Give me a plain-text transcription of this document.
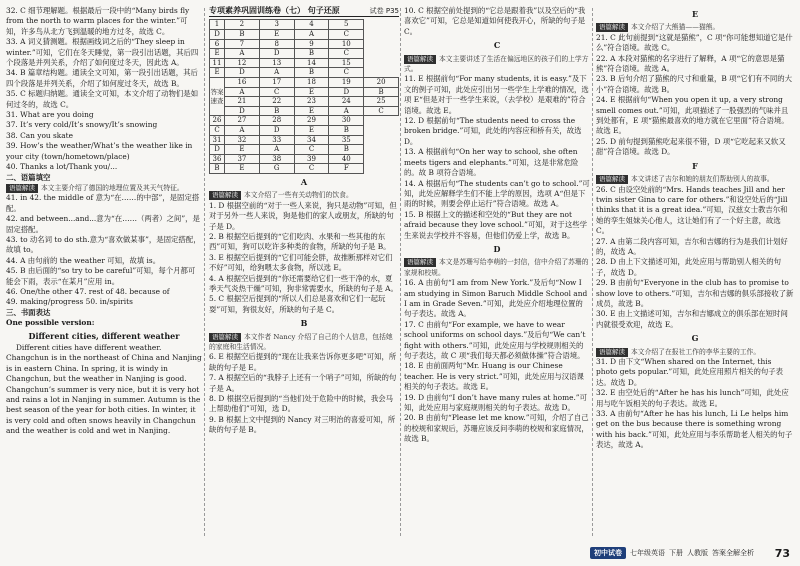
32. C 细节理解题。根据最后一段中的“Many birds fly from the north to warm places for the winter.”可知，许多鸟从北方飞到温暖的地方过冬，故选 C。

33. A 词义猜测题。根据画线词之后的“They sleep in winter.”可知，它们在冬天睡觉，第一段引出话题，其后四个段落是并列关系，介绍了如何度过冬天，因此选 A。

34. B 篇章结构题。通读全文可知，第一段引出话题，其后四个段落是并列关系，介绍了如何度过冬天，故选 B。

35. C 标题归纳题。通读全文可知，本文介绍了动物们是如何过冬的，故选 C。

31. What are you doing

37. It’s very cold/It’s snowy/It’s snowing

38. Can you skate

39. How’s the weather/What’s the weather like in your city (town/hometown/place)

40. Thanks a lot/Thank you/...

二、语篇填空

语篇解读 本文主要介绍了德国的地理位置及其天气特征。

41. in 42. the middle of 意为“在……的中部”，是固定搭配。

42. and between...and...意为“在……（两者）之间”，是固定搭配。

43. to 动名词 to do sth.意为“喜欢做某事”，是固定搭配，故填 to。

44. A 由句前的 the weather 可知，故填 is。

45. B 由后面的“so try to be careful”可知，每个月都可能会下雨，表示“在某月”应用 in。

46. One/the other 47. rest of 48. because of

49. making/progress 50. in/spirits

三、书面表达

One possible version:

Different cities, different weather

Different cities have different weather. Changchun is in the northeast of China and Nanjing is in eastern China. In spring, it is windy in Changchun, but the weather in Nanjing is good. Changchun’s summer is very nice, but it is very hot and rains a lot in Nanjing in summer. Autumn is the best season of the year for both cities. In winter, it is very cold and often snows heavily in Changchun and the weather is cold and wet in Nanjing.

专项素养巩固训练卷（七） 句子还原	试卷 P35
1	2	3	4	5	
D	B	E	A	C	
6	7	8	9	10	
E	A	D	B	C	
11	12	13	14	15	
E	D	A	B	C	
答案速查	16	17	18	19	20
	A	C	E	D	B
	21	22	23	24	25
	D	B	E	A	C
26	27	28	29	30	
C	A	D	E	B	
31	32	33	34	35	
D	E	A	C	B	
36	37	38	39	40	
B	E	G	C	F	

A

语篇解读 本文介绍了一些有关动物们的饮食。

1. D 根据空前的“对于一些人来说，狗只是动物”可知，但对于另外一些人来说，狗是他们的家人或朋友，所缺的句子是 D。

2. B 根据空后提到的“它们吃肉、水果和一些其他的东西”可知，狗可以吃许多种类的食物，所缺的句子是 B。

3. E 根据空后提到的“它们可能会胖，故推断那样对它们不好”可知，给狗喂太多食物，所以选 E。

4. A 根据空后提到的“你还需要给它们一些干净的水，夏季天气炎热干燥”可知，狗非常需要水，所缺的句子是 A。

5. C 根据空后提到的“所以人们总是喜欢和它们一起玩耍”可知，狗很友好，所缺的句子是 C。

B

语篇解读 本文作者 Nancy 介绍了自己的个人信息，包括她的家庭和生活情况。

6. E 根据空后提到的“现在让我来告诉你更多吧”可知，所缺的句子是 E。

7. A 根据空后的“我脖子上还有一个哨子”可知，所缺的句子是 A。

8. D 根据空后提到的“当他们处于危险中的时候，我会马上帮助他们”可知，选 D。

9. B 根据上文中提到的 Nancy 对三明治的喜爱可知，所缺的句子是 B。

10. C 根据空前处提到的“它总是跟着我”以及空后的“我喜欢它”可知，它总是知道如何使我开心，所缺的句子是 C。

C

语篇解读 本文主要讲述了生活在偏远地区的孩子们的上学方式。

11. E 根据前句“For many students, it is easy.”及下文的例子可知，此处应引出另一些学生上学难的情况，选项 E“但是对于一些学生来说，（去学校）是艰难的”符合语境。故选 E。

12. D 根据前句“The students need to cross the broken bridge.”可知，此处的内容应和桥有关，故选 D。

13. A 根据前句“On her way to school, she often meets tigers and elephants.”可知，这是非常危险的。故 B 项符合语境。

14. A 根据后句“The students can’t go to school.”可知，此处应解释学生们不能上学的原因，选项 A“但是下雨的时候，则要会停止运行”符合语境。故选 A。

15. B 根据上文的描述和空处的“But they are not afraid because they love school.”可知，对于这些学生来说去学校并不容易，但他们仍爱上学，故选 B。

D

语篇解读 本文是苏珊写给李萌的一封信，信中介绍了苏珊的家规和校规。

16. A 由前句“I am from New York.”及后句“Now I am studying in Simon Baruch Middle School and I am in Grade Seven.”可知，此处应介绍地理位置的句子表达。故选 A。

17. C 由前句“For example, we have to wear school uniforms on school days.”及后句“We can’t fight with others.”可知，此处应用与学校规则相关的句子表达，故 C 项“我们每天都必须做体操”符合语境。

18. E 由前面两句“Mr. Huang is our Chinese teacher. He is very strict.”可知，此处应用与汉语课相关的句子表达。故选 E。

19. D 由前句“I don’t have many rules at home.”可知，此处应用与家庭规则相关的句子表达。故选 D。

20. B 由前句“Please let me know.”可知，介绍了自己的校规和家规后，苏珊应该反问李萌的校规和家庭情况，故选 B。

E

语篇解读 本文介绍了大熊猫——猫熊。

21. C 此句前提到“这就是猫熊”，C 项“你可能想知道它是什么”符合语境。故选 C。

22. A 本段对猫熊的名字进行了解释，A 项“它的意思是猫熊”符合语境。故选 A。

23. B 后句介绍了猫熊的尺寸和重量，B 项“它们有不同的大小”符合语境。故选 B。

24. E 根据前句“When you open it up, a very strong smell comes out.”可知，此项描述了一股强烈的气味并且到处都有，E 项“猫熊最喜欢的地方就在它里面”符合语境。故选 E。

25. D 前句提到猫熊吃起来很不错，D 项“它吃起来又软又甜”符合语境。故选 D。

F

语篇解读 本文讲述了吉尔和她的朋友们帮助别人的故事。

26. C 由设空处前的“Mrs. Hands teaches Jill and her twin sister Gina to care for others.”和设空处后的“Jill thinks that it is a great idea.”可知，汉兹女士教吉尔和她的孪生姐妹关心他人，这让她们有了一个好主意，故选 C。

27. A 由第二段内容可知，吉尔和吉娜的行为是我们计划好的，故选 A。

28. D 由上下文描述可知，此处应用与帮助别人相关的句子，故选 D。

29. B 由前句“Everyone in the club has to promise to show love to others.”可知，吉尔和吉娜的俱乐部接收了新成员，故选 B。

30. E 由上文描述可知，吉尔和吉娜成立的俱乐部在短时间内就很受欢迎，故选 E。

G

语篇解读 本文介绍了在报社工作的李华主要的工作。

31. D 由下文“When shared on the Internet, this photo gets popular.”可知，此处应用照片相关的句子表达。故选 D。

32. E 由空处后的“After he has his lunch”可知，此处应用与吃午饭相关的句子表达。故选 E。

33. A 由前句“After he has his lunch, Li Le helps him get on the bus because there is something wrong with his back.”可知，此处应用与李乐帮助老人相关的句子表达，故选 A。

初中试卷	七年级英语 下册 人教版 答案全解全析 73
